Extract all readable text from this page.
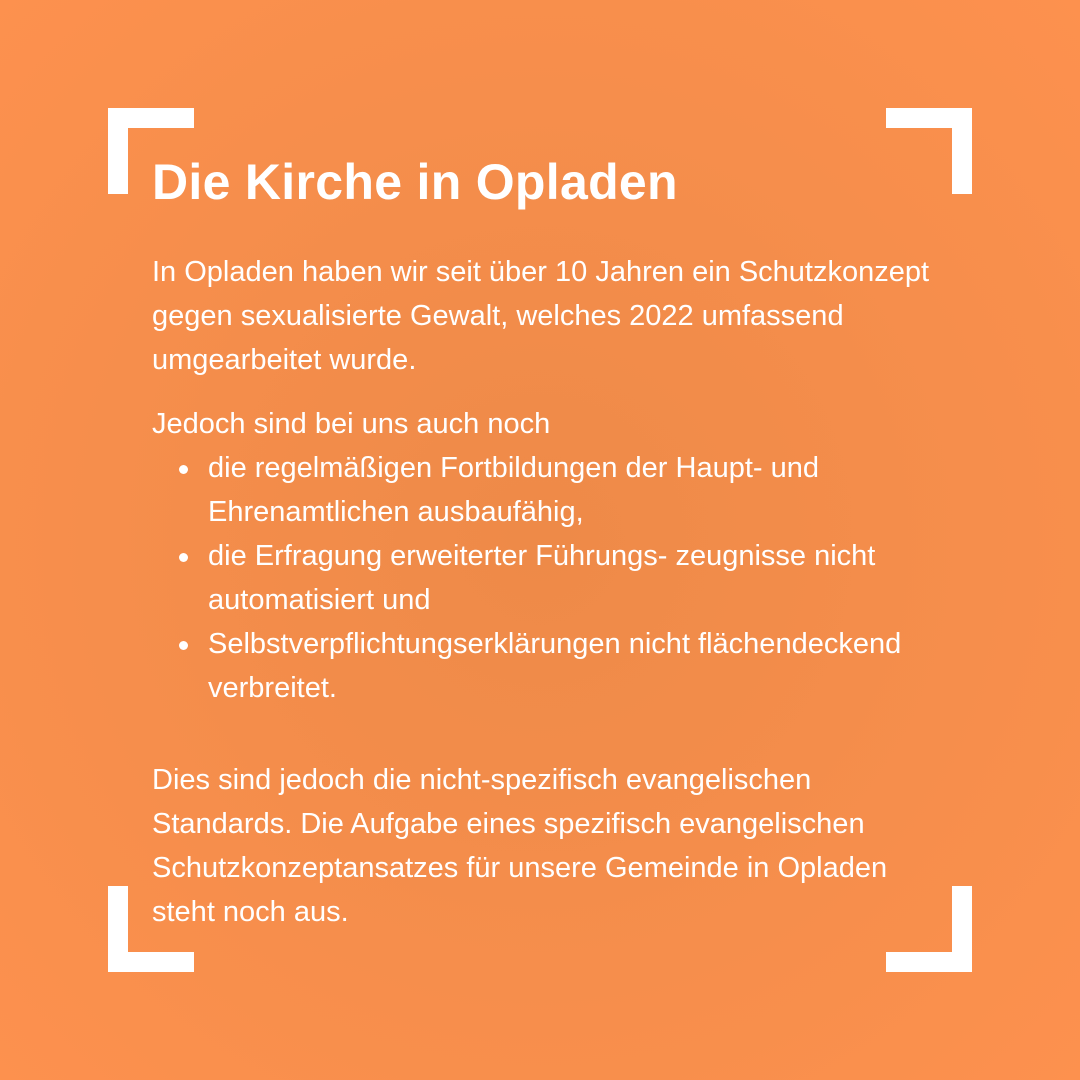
Die Kirche in Opladen

In Opladen haben wir seit über 10 Jahren ein Schutzkonzept gegen sexualisierte Gewalt, welches 2022 umfassend umgearbeitet wurde.

Jedoch sind bei uns auch noch

die regelmäßigen Fortbildungen der Haupt- und Ehrenamtlichen ausbaufähig,
die Erfragung erweiterter Führungs- zeugnisse nicht automatisiert und
Selbstverpflichtungserklärungen nicht flächendeckend verbreitet.

Dies sind jedoch die nicht-spezifisch evangelischen Standards. Die Aufgabe eines spezifisch evangelischen Schutzkonzeptansatzes für unsere Gemeinde in Opladen steht noch aus.
